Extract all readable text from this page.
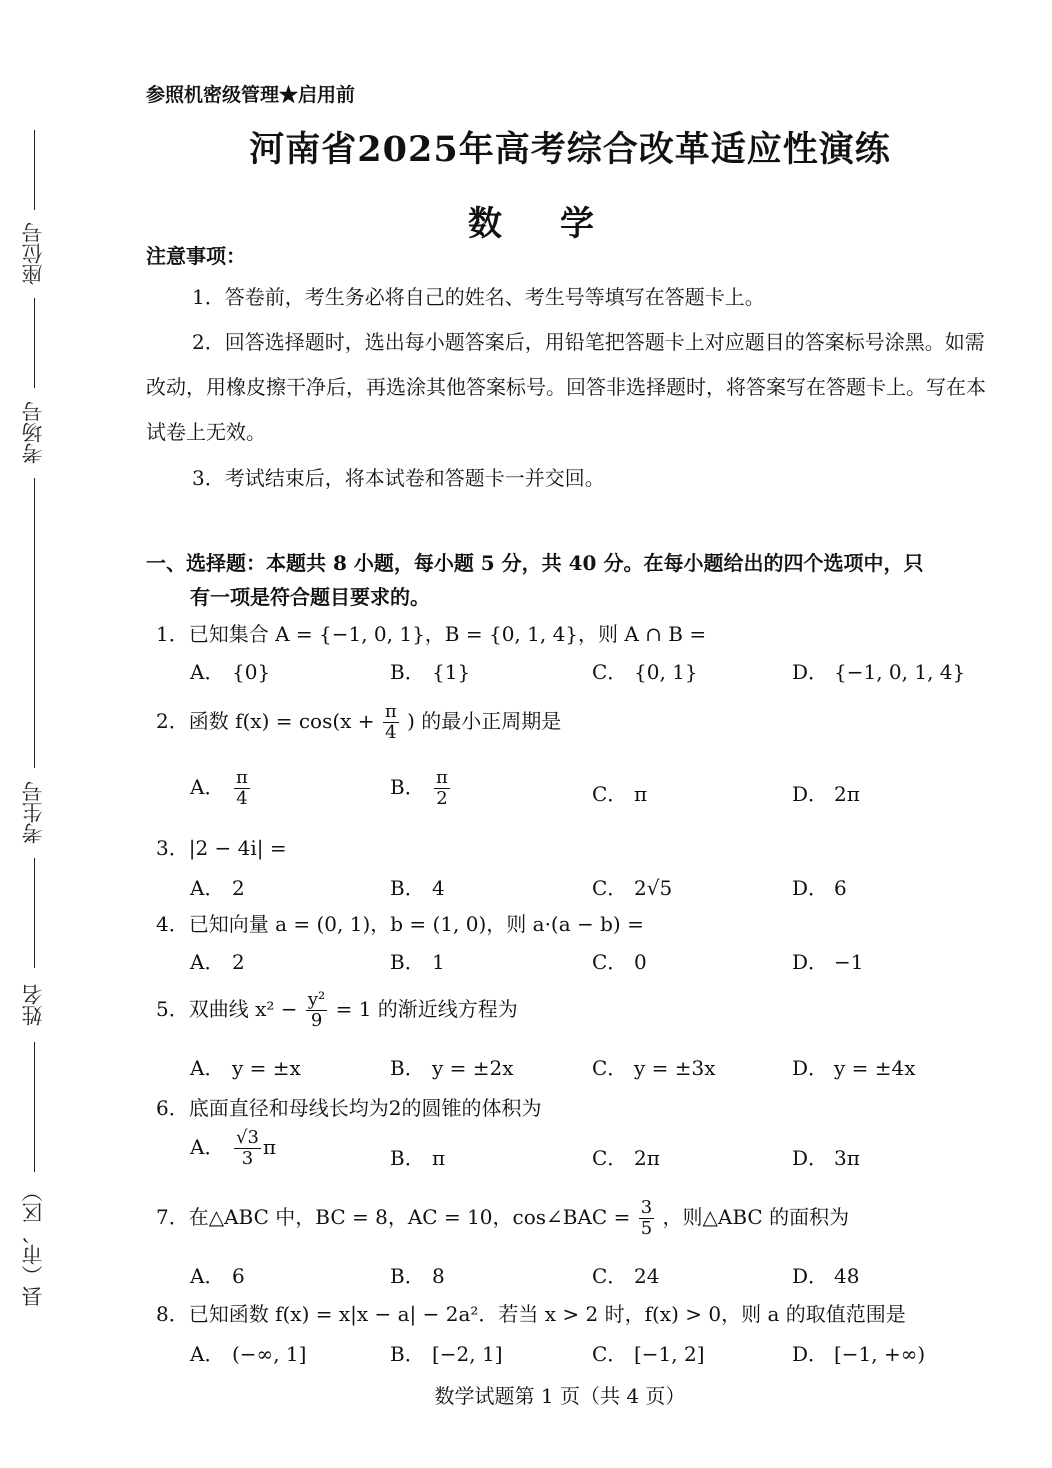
座位号
考场号
考生号
姓名
县（市、区）
参照机密级管理★启用前
河南省2025年高考综合改革适应性演练
数学
注意事项：
1．答卷前，考生务必将自己的姓名、考生号等填写在答题卡上。
2．回答选择题时，选出每小题答案后，用铅笔把答题卡上对应题目的答案标号涂黑。如需改动，用橡皮擦干净后，再选涂其他答案标号。回答非选择题时，将答案写在答题卡上。写在本试卷上无效。
3．考试结束后，将本试卷和答题卡一并交回。
一、选择题：本题共 8 小题，每小题 5 分，共 40 分。在每小题给出的四个选项中，只
有一项是符合题目要求的。
1．已知集合 A = {−1, 0, 1}，B = {0, 1, 4}，则 A ∩ B =
A． {0}	B． {1}	C． {0, 1}	D． {−1, 0, 1, 4}
2．函数 $f(x) = \cos(x + \frac{\pi}{4}$ ) 的最小正周期是
A． $\frac{\pi}{4}$	B． $\frac{\pi}{2}$	C． π	D． 2π
3．|2 − 4i| =
A． 2	B． 4	C． 2√5	D． 6
4．已知向量 a = (0, 1)，b = (1, 0)，则 a·(a − b) =
A． 2	B． 1	C． 0	D． −1
5．双曲线 $x^2 - \frac{\text{y²}}{9} = 1$ 的渐近线方程为
A． y = ±x	B． y = ±2x	C． y = ±3x	D． y = ±4x
6．底面直径和母线长均为2的圆锥的体积为
A． $\frac{√3}{3}$ π	B． π	C． 2π	D． 3π
7．在△ABC 中，BC = 8，AC = 10，cos∠BAC = $\frac{3}{5}$ ，则△ABC 的面积为
A． 6	B． 8	C． 24	D． 48
8．已知函数 f(x) = x|x − a| − 2a²．若当 x > 2 时，f(x) > 0，则 a 的取值范围是
A． (−∞, 1]	B． [−2, 1]	C． [−1, 2]	D． [−1, +∞)
数学试题第 1 页（共 4 页）
